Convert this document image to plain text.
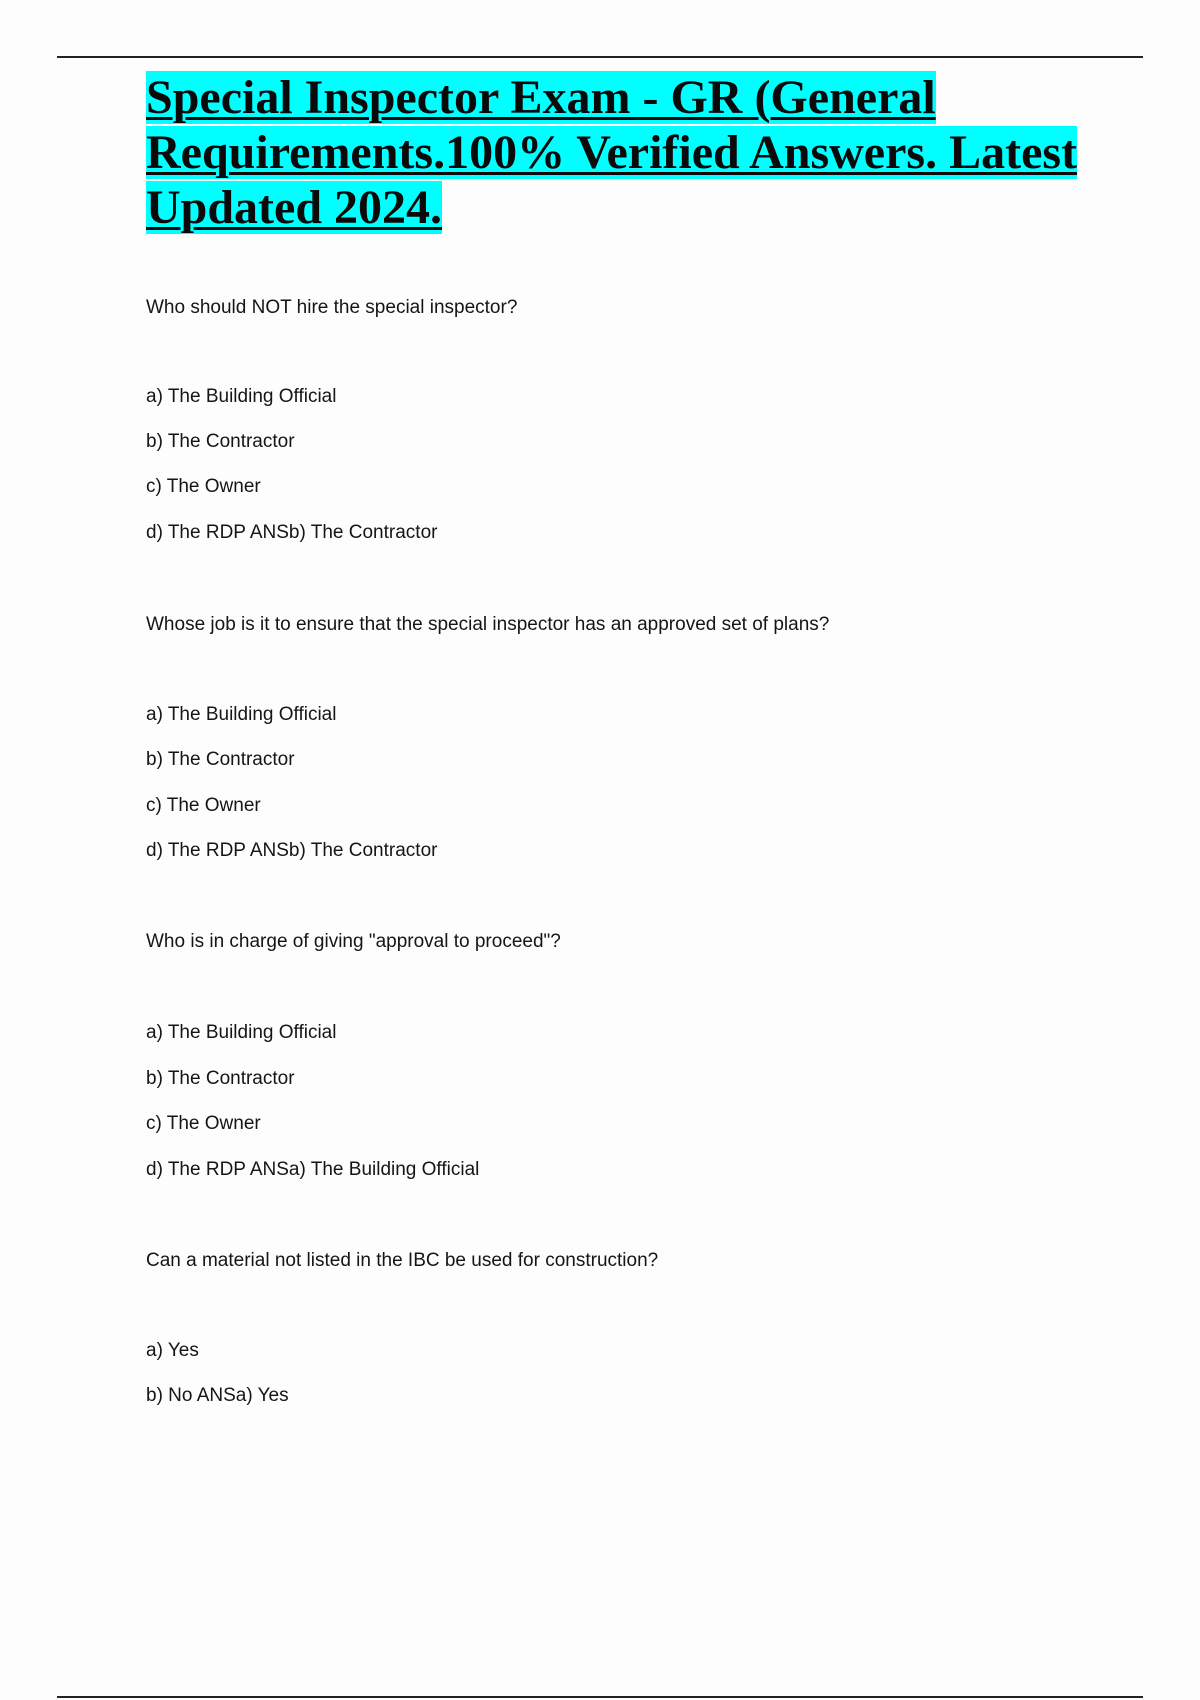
Special Inspector Exam - GR (General Requirements.100% Verified Answers. Latest Updated 2024.
Who should NOT hire the special inspector?
a) The Building Official
b) The Contractor
c) The Owner
d) The RDP ANSb) The Contractor
Whose job is it to ensure that the special inspector has an approved set of plans?
a) The Building Official
b) The Contractor
c) The Owner
d) The RDP ANSb) The Contractor
Who is in charge of giving "approval to proceed"?
a) The Building Official
b) The Contractor
c) The Owner
d) The RDP ANSa) The Building Official
Can a material not listed in the IBC be used for construction?
a) Yes
b) No ANSa) Yes
